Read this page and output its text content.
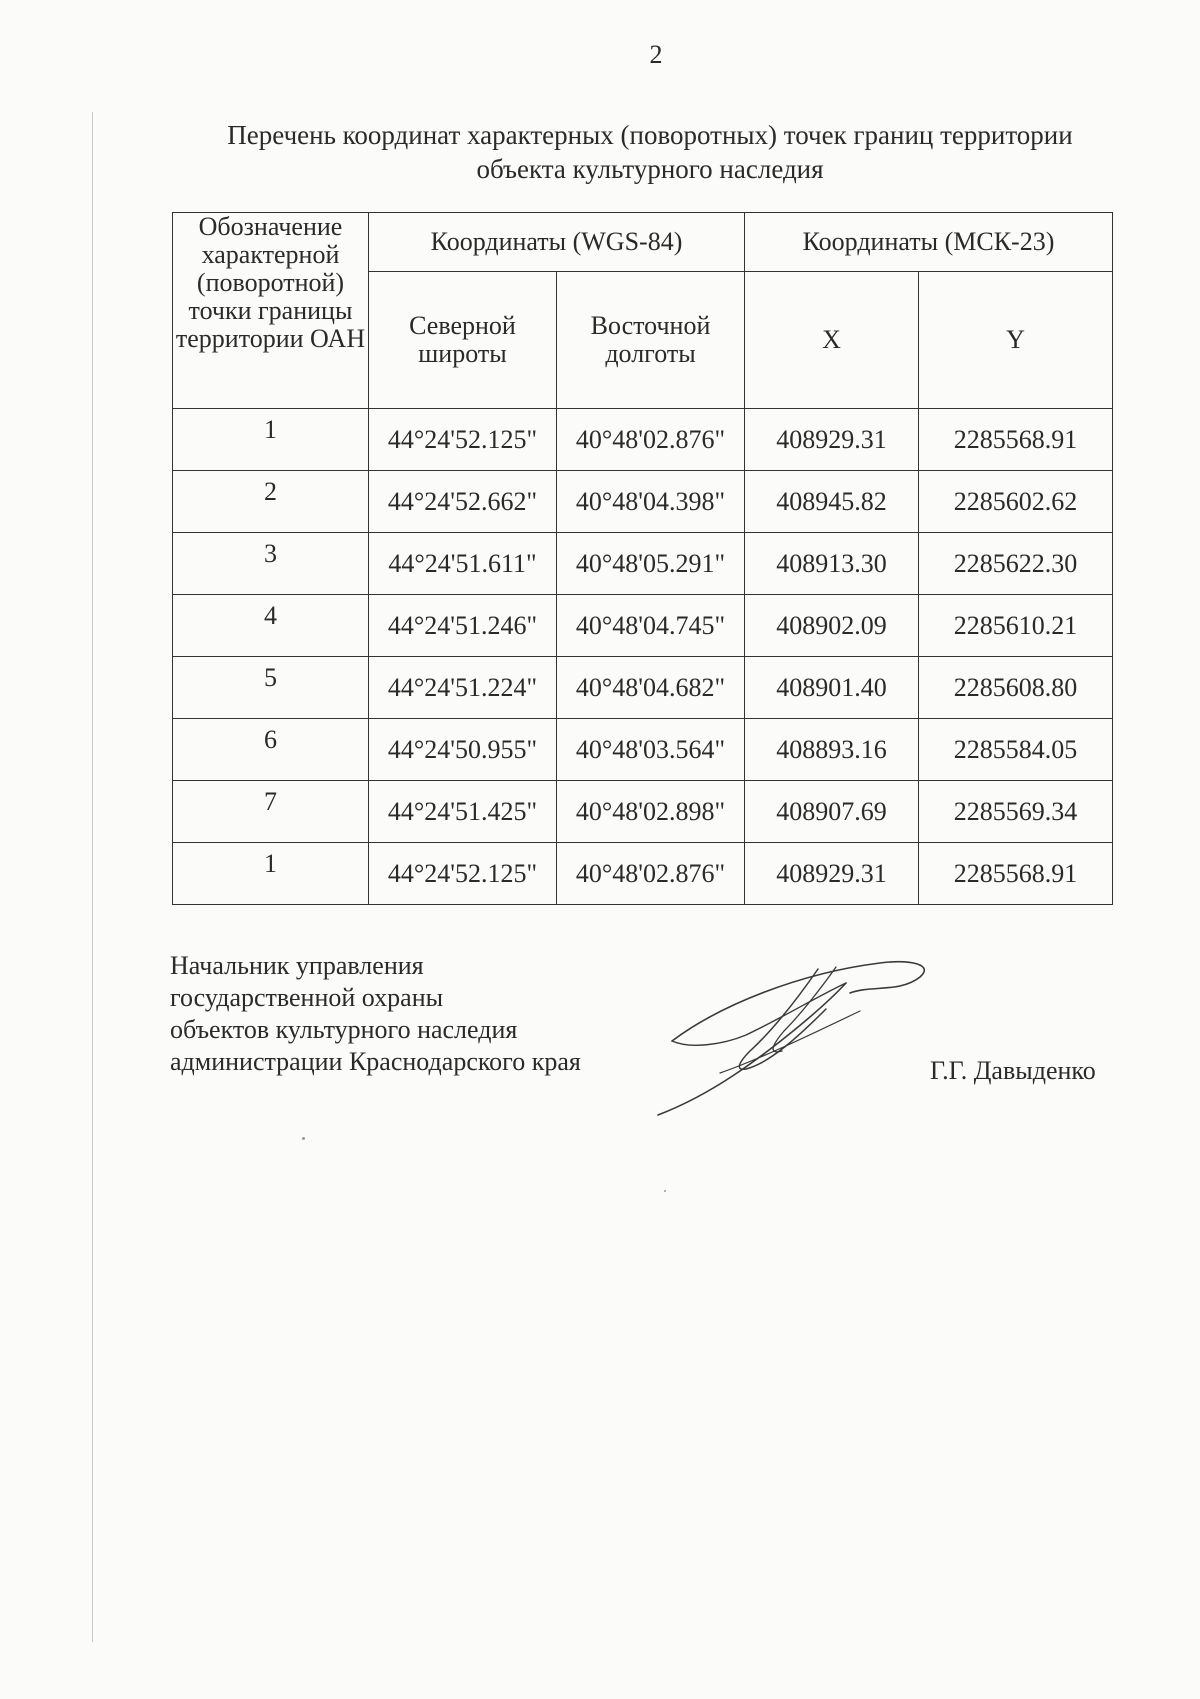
2
Перечень координат характерных (поворотных) точек границ территории
объекта культурного наследия
Обозначение характерной (поворотной) точки границы территории ОАН	Координаты (WGS-84)		Координаты (МСК-23)	
	Северной широты	Восточной долготы	X	Y
1	44°24'52.125"	40°48'02.876"	408929.31	2285568.91
2	44°24'52.662"	40°48'04.398"	408945.82	2285602.62
3	44°24'51.611"	40°48'05.291"	408913.30	2285622.30
4	44°24'51.246"	40°48'04.745"	408902.09	2285610.21
5	44°24'51.224"	40°48'04.682"	408901.40	2285608.80
6	44°24'50.955"	40°48'03.564"	408893.16	2285584.05
7	44°24'51.425"	40°48'02.898"	408907.69	2285569.34
1	44°24'52.125"	40°48'02.876"	408929.31	2285568.91
Начальник управления
государственной охраны
объектов культурного наследия
администрации Краснодарского края	Г.Г. Давыденко
